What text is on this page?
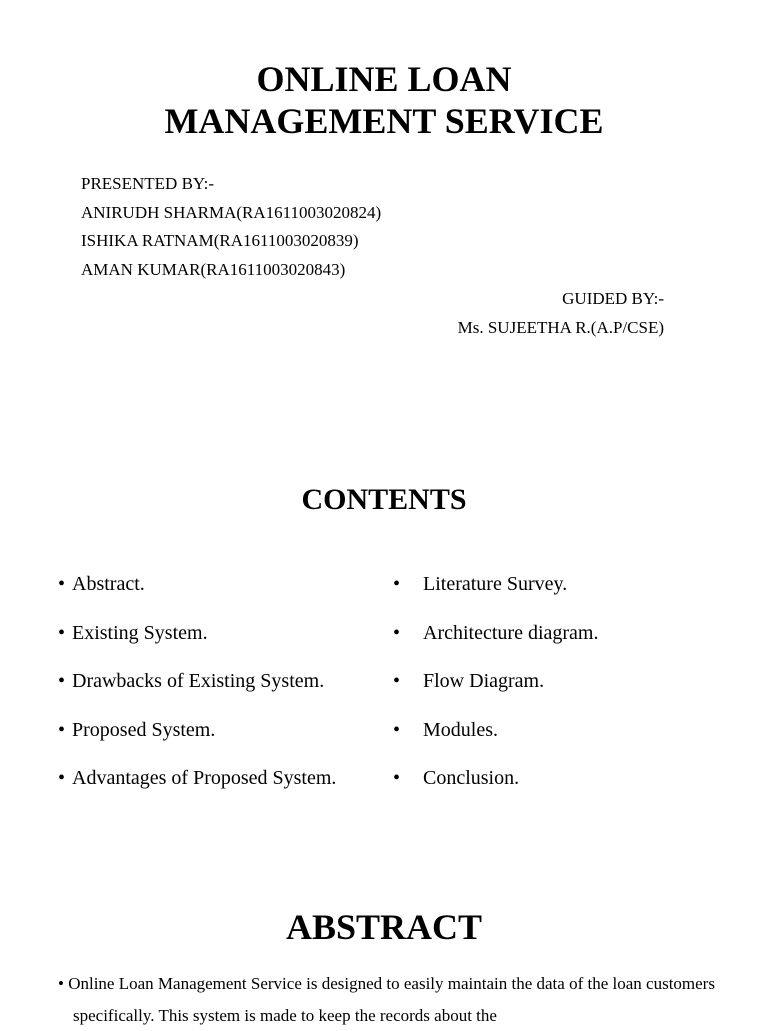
ONLINE LOAN
MANAGEMENT SERVICE
PRESENTED BY:-
ANIRUDH SHARMA(RA1611003020824)
ISHIKA RATNAM(RA1611003020839)
AMAN KUMAR(RA1611003020843)
GUIDED BY:-
Ms. SUJEETHA R.(A.P/CSE)
CONTENTS
• Abstract.
• Existing System.
• Drawbacks of Existing System.
• Proposed System.
• Advantages of Proposed System.
• Literature Survey.
• Architecture diagram.
• Flow Diagram.
• Modules.
• Conclusion.
ABSTRACT
• Online Loan Management Service is designed to easily maintain the data of the loan customers specifically. This system is made to keep the records about the
